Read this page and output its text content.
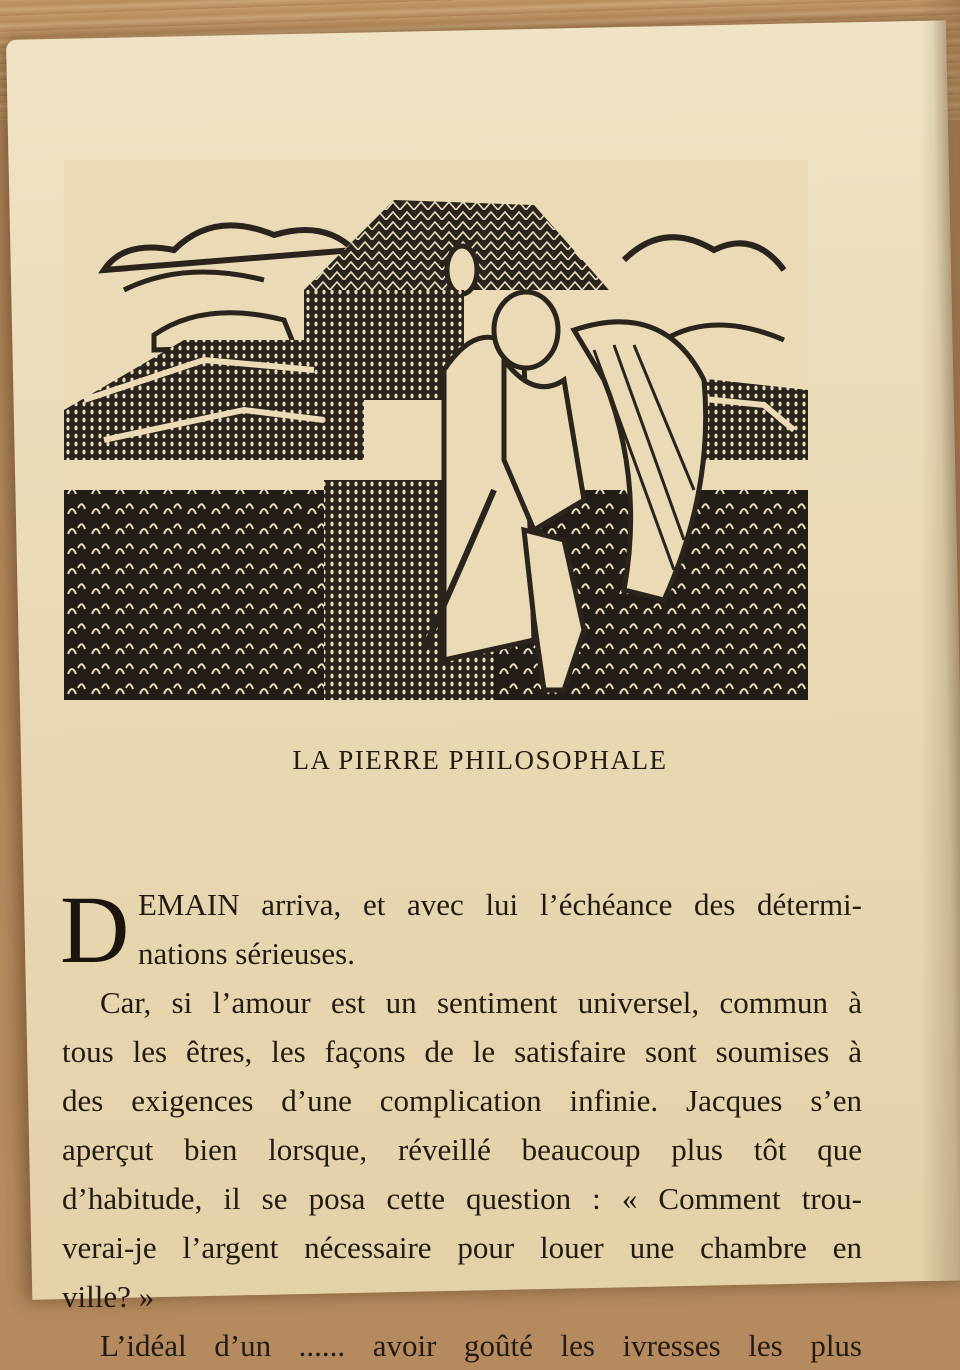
LA PIERRE PHILOSOPHALE
D EMAIN arriva, et avec lui l’échéance des détermi-
nations sérieuses.
Car, si l’amour est un sentiment universel, commun à
tous les êtres, les façons de le satisfaire sont soumises à
des exigences d’une complication infinie. Jacques s’en
aperçut bien lorsque, réveillé beaucoup plus tôt que
d’habitude, il se posa cette question : « Comment trou-
verai-je l’argent nécessaire pour louer une chambre en
ville? »
L’idéal d’un ...... avoir goûté les ivresses les plus
